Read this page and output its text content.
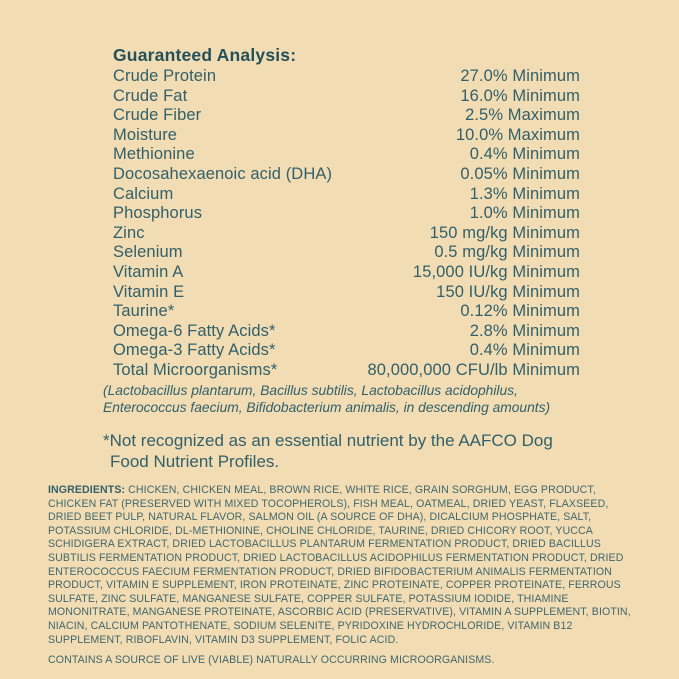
Guaranteed Analysis:
Crude Protein	27.0% Minimum
Crude Fat	16.0% Minimum
Crude Fiber	2.5% Maximum
Moisture	10.0% Maximum
Methionine	0.4% Minimum
Docosahexaenoic acid (DHA)	0.05% Minimum
Calcium	1.3% Minimum
Phosphorus	1.0% Minimum
Zinc	150 mg/kg Minimum
Selenium	0.5 mg/kg Minimum
Vitamin A	15,000 IU/kg Minimum
Vitamin E	150 IU/kg Minimum
Taurine*	0.12% Minimum
Omega-6 Fatty Acids*	2.8% Minimum
Omega-3 Fatty Acids*	0.4% Minimum
Total Microorganisms*	80,000,000 CFU/lb Minimum
(Lactobacillus plantarum, Bacillus subtilis, Lactobacillus acidophilus,
Enterococcus faecium, Bifidobacterium animalis, in descending amounts)
*Not recognized as an essential nutrient by the AAFCO Dog
Food Nutrient Profiles.

INGREDIENTS: CHICKEN, CHICKEN MEAL, BROWN RICE, WHITE RICE, GRAIN SORGHUM, EGG PRODUCT, CHICKEN FAT (PRESERVED WITH MIXED TOCOPHEROLS), FISH MEAL, OATMEAL, DRIED YEAST, FLAXSEED, DRIED BEET PULP, NATURAL FLAVOR, SALMON OIL (A SOURCE OF DHA), DICALCIUM PHOSPHATE, SALT, POTASSIUM CHLORIDE, DL-METHIONINE, CHOLINE CHLORIDE, TAURINE, DRIED CHICORY ROOT, YUCCA SCHIDIGERA EXTRACT, DRIED LACTOBACILLUS PLANTARUM FERMENTATION PRODUCT, DRIED BACILLUS SUBTILIS FERMENTATION PRODUCT, DRIED LACTOBACILLUS ACIDOPHILUS FERMENTATION PRODUCT, DRIED ENTEROCOCCUS FAECIUM FERMENTATION PRODUCT, DRIED BIFIDOBACTERIUM ANIMALIS FERMENTATION PRODUCT, VITAMIN E SUPPLEMENT, IRON PROTEINATE, ZINC PROTEINATE, COPPER PROTEINATE, FERROUS SULFATE, ZINC SULFATE, MANGANESE SULFATE, COPPER SULFATE, POTASSIUM IODIDE, THIAMINE MONONITRATE, MANGANESE PROTEINATE, ASCORBIC ACID (PRESERVATIVE), VITAMIN A SUPPLEMENT, BIOTIN, NIACIN, CALCIUM PANTOTHENATE, SODIUM SELENITE, PYRIDOXINE HYDROCHLORIDE, VITAMIN B12 SUPPLEMENT, RIBOFLAVIN, VITAMIN D3 SUPPLEMENT, FOLIC ACID.

CONTAINS A SOURCE OF LIVE (VIABLE) NATURALLY OCCURRING MICROORGANISMS.
